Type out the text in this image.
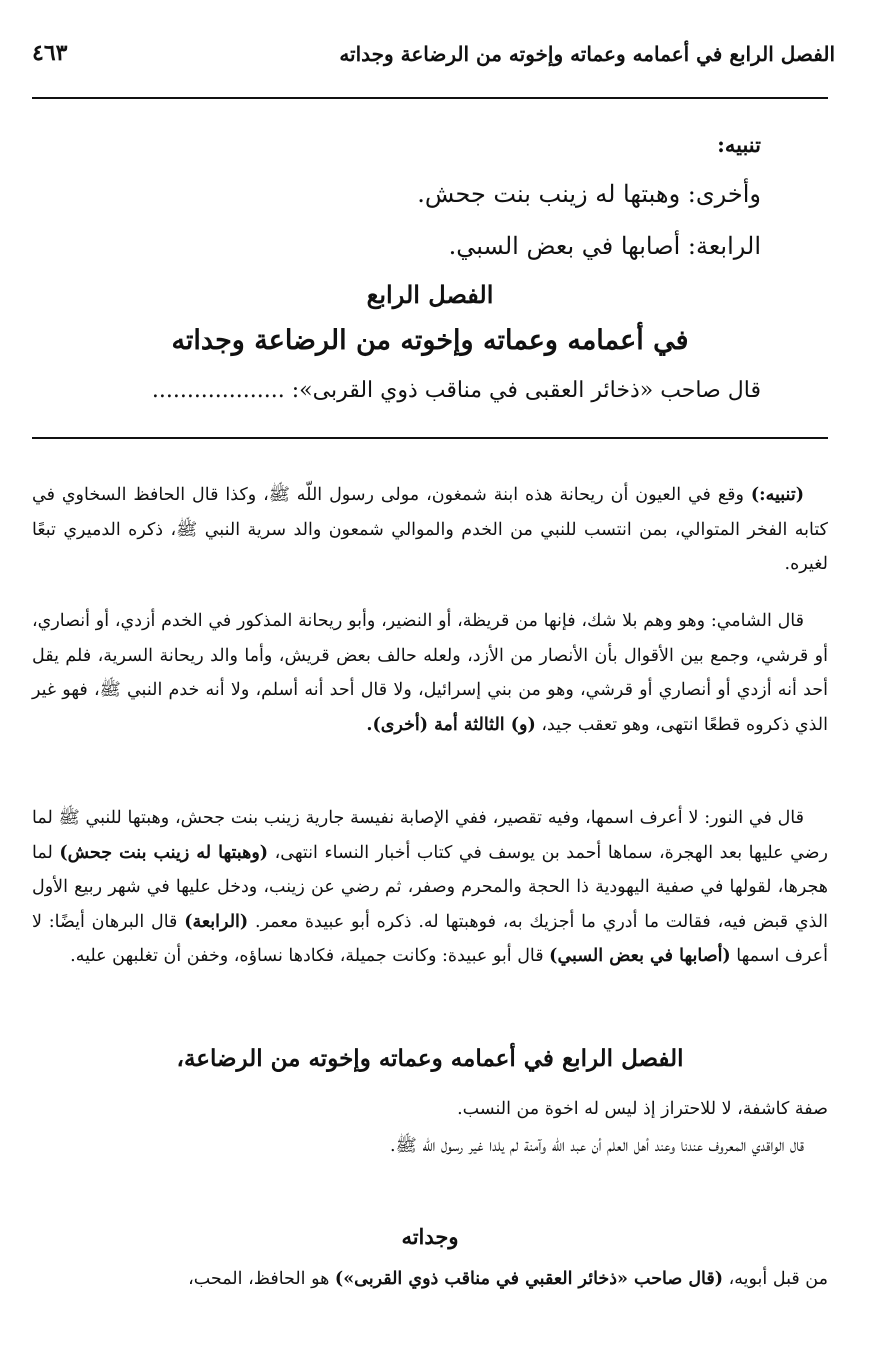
الفصل الرابع في أعمامه وعماته وإخوته من الرضاعة وجداته
٤٦٣

تنبيه:

وأخرى: وهبتها له زينب بنت جحش.

الرابعة: أصابها في بعض السبي.

الفصل الرابع
في أعمامه وعماته وإخوته من الرضاعة وجداته

قال صاحب «ذخائر العقبى في مناقب ذوي القربى»: ...................

(تنبيه:) وقع في العيون أن ريحانة هذه ابنة شمغون، مولى رسول اللّه ﷺ، وكذا قال الحافظ السخاوي في كتابه الفخر المتوالي، بمن انتسب للنبي من الخدم والموالي شمعون والد سرية النبي ﷺ، ذكره الدميري تبعًا لغيره.

قال الشامي: وهو وهم بلا شك، فإنها من قريظة، أو النضير، وأبو ريحانة المذكور في الخدم أزدي، أو أنصاري، أو قرشي، وجمع بين الأقوال بأن الأنصار من الأزد، ولعله حالف بعض قريش، وأما والد ريحانة السرية، فلم يقل أحد أنه أزدي أو أنصاري أو قرشي، وهو من بني إسرائيل، ولا قال أحد أنه أسلم، ولا أنه خدم النبي ﷺ، فهو غير الذي ذكروه قطعًا انتهى، وهو تعقب جيد، (و) الثالثة أمة (أخرى).

قال في النور: لا أعرف اسمها، وفيه تقصير، ففي الإصابة نفيسة جارية زينب بنت جحش، وهبتها للنبي ﷺ لما رضي عليها بعد الهجرة، سماها أحمد بن يوسف في كتاب أخبار النساء انتهى، (وهبتها له زينب بنت جحش) لما هجرها، لقولها في صفية اليهودية ذا الحجة والمحرم وصفر، ثم رضي عن زينب، ودخل عليها في شهر ربيع الأول الذي قبض فيه، فقالت ما أدري ما أجزيك به، فوهبتها له. ذكره أبو عبيدة معمر. (الرابعة) قال البرهان أيضًا: لا أعرف اسمها (أصابها في بعض السبي) قال أبو عبيدة: وكانت جميلة، فكادها نساؤه، وخفن أن تغلبهن عليه.

الفصل الرابع في أعمامه وعماته وإخوته من الرضاعة،

صفة كاشفة، لا للاحتراز إذ ليس له اخوة من النسب.

قال الواقدي المعروف عندنا وعند أهل العلم أن عبد اللّه وآمنة لم يلدا غير رسول اللّه ﷺ.

وجداته

من قبل أبويه، (قال صاحب «ذخائر العقبي في مناقب ذوي القربى») هو الحافظ، المحب،
